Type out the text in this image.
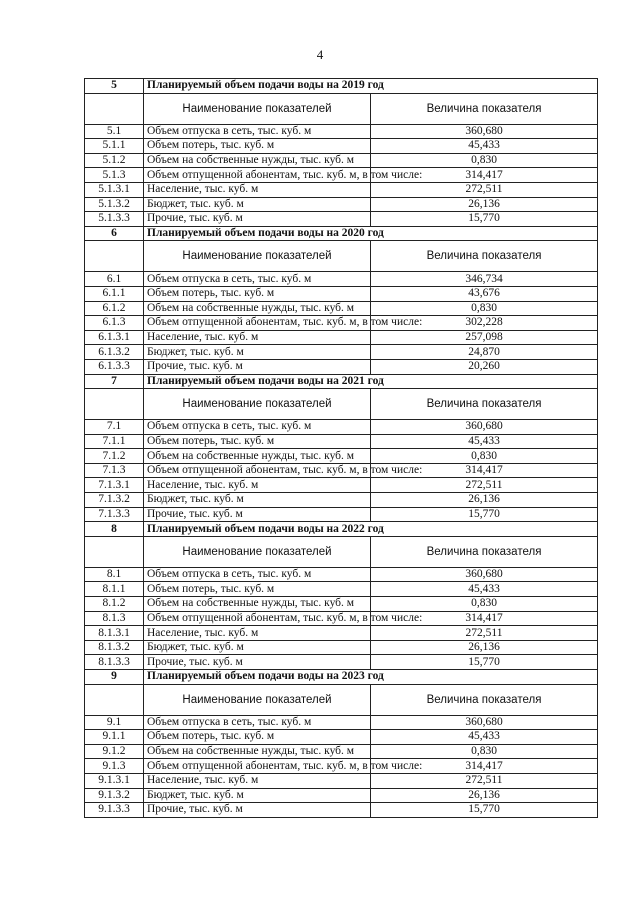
4
5	Планируемый объем подачи воды на 2019 год	
	Наименование показателей	Величина показателя
5.1	Объем отпуска в сеть, тыс. куб. м	360,680
5.1.1	Объем потерь, тыс. куб. м	45,433
5.1.2	Объем на собственные нужды, тыс. куб. м	0,830
5.1.3	Объем отпущенной абонентам, тыс. куб. м, в том числе:	314,417
5.1.3.1	Население, тыс. куб. м	272,511
5.1.3.2	Бюджет, тыс. куб. м	26,136
5.1.3.3	Прочие, тыс. куб. м	15,770
6	Планируемый объем подачи воды на 2020 год	
	Наименование показателей	Величина показателя
6.1	Объем отпуска в сеть, тыс. куб. м	346,734
6.1.1	Объем потерь, тыс. куб. м	43,676
6.1.2	Объем на собственные нужды, тыс. куб. м	0,830
6.1.3	Объем отпущенной абонентам, тыс. куб. м, в том числе:	302,228
6.1.3.1	Население, тыс. куб. м	257,098
6.1.3.2	Бюджет, тыс. куб. м	24,870
6.1.3.3	Прочие, тыс. куб. м	20,260
7	Планируемый объем подачи воды на 2021 год	
	Наименование показателей	Величина показателя
7.1	Объем отпуска в сеть, тыс. куб. м	360,680
7.1.1	Объем потерь, тыс. куб. м	45,433
7.1.2	Объем на собственные нужды, тыс. куб. м	0,830
7.1.3	Объем отпущенной абонентам, тыс. куб. м, в том числе:	314,417
7.1.3.1	Население, тыс. куб. м	272,511
7.1.3.2	Бюджет, тыс. куб. м	26,136
7.1.3.3	Прочие, тыс. куб. м	15,770
8	Планируемый объем подачи воды на 2022 год	
	Наименование показателей	Величина показателя
8.1	Объем отпуска в сеть, тыс. куб. м	360,680
8.1.1	Объем потерь, тыс. куб. м	45,433
8.1.2	Объем на собственные нужды, тыс. куб. м	0,830
8.1.3	Объем отпущенной абонентам, тыс. куб. м, в том числе:	314,417
8.1.3.1	Население, тыс. куб. м	272,511
8.1.3.2	Бюджет, тыс. куб. м	26,136
8.1.3.3	Прочие, тыс. куб. м	15,770
9	Планируемый объем подачи воды на 2023 год	
	Наименование показателей	Величина показателя
9.1	Объем отпуска в сеть, тыс. куб. м	360,680
9.1.1	Объем потерь, тыс. куб. м	45,433
9.1.2	Объем на собственные нужды, тыс. куб. м	0,830
9.1.3	Объем отпущенной абонентам, тыс. куб. м, в том числе:	314,417
9.1.3.1	Население, тыс. куб. м	272,511
9.1.3.2	Бюджет, тыс. куб. м	26,136
9.1.3.3	Прочие, тыс. куб. м	15,770
